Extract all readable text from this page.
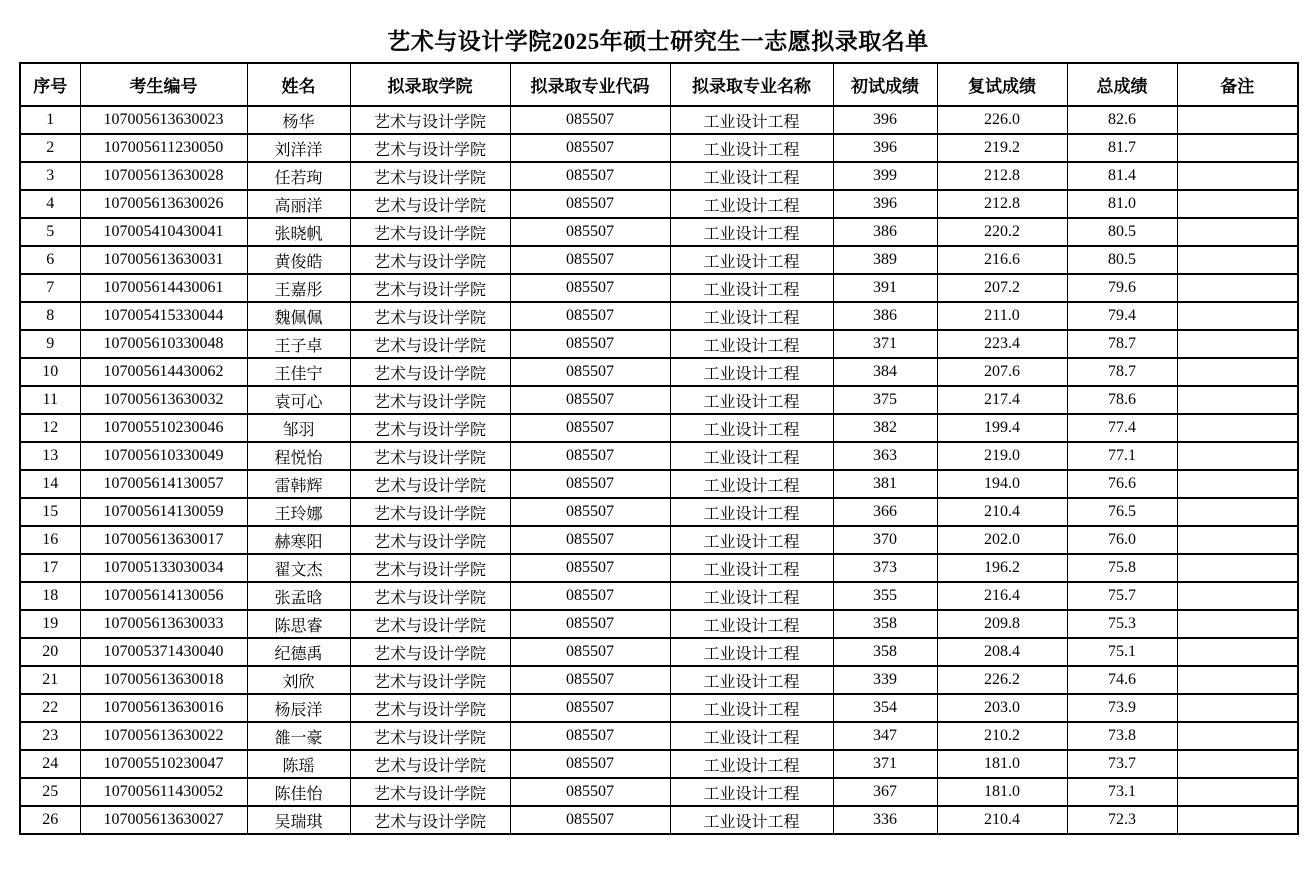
艺术与设计学院2025年硕士研究生一志愿拟录取名单
序号	考生编号	姓名	拟录取学院	拟录取专业代码	拟录取专业名称	初试成绩	复试成绩	总成绩	备注
1	107005613630023	杨华	艺术与设计学院	085507	工业设计工程	396	226.0	82.6	
2	107005611230050	刘洋洋	艺术与设计学院	085507	工业设计工程	396	219.2	81.7	
3	107005613630028	任若珣	艺术与设计学院	085507	工业设计工程	399	212.8	81.4	
4	107005613630026	高丽洋	艺术与设计学院	085507	工业设计工程	396	212.8	81.0	
5	107005410430041	张晓帆	艺术与设计学院	085507	工业设计工程	386	220.2	80.5	
6	107005613630031	黄俊皓	艺术与设计学院	085507	工业设计工程	389	216.6	80.5	
7	107005614430061	王嘉彤	艺术与设计学院	085507	工业设计工程	391	207.2	79.6	
8	107005415330044	魏佩佩	艺术与设计学院	085507	工业设计工程	386	211.0	79.4	
9	107005610330048	王子卓	艺术与设计学院	085507	工业设计工程	371	223.4	78.7	
10	107005614430062	王佳宁	艺术与设计学院	085507	工业设计工程	384	207.6	78.7	
11	107005613630032	袁可心	艺术与设计学院	085507	工业设计工程	375	217.4	78.6	
12	107005510230046	邹羽	艺术与设计学院	085507	工业设计工程	382	199.4	77.4	
13	107005610330049	程悦怡	艺术与设计学院	085507	工业设计工程	363	219.0	77.1	
14	107005614130057	雷韩辉	艺术与设计学院	085507	工业设计工程	381	194.0	76.6	
15	107005614130059	王玲娜	艺术与设计学院	085507	工业设计工程	366	210.4	76.5	
16	107005613630017	赫寒阳	艺术与设计学院	085507	工业设计工程	370	202.0	76.0	
17	107005133030034	翟文杰	艺术与设计学院	085507	工业设计工程	373	196.2	75.8	
18	107005614130056	张孟晗	艺术与设计学院	085507	工业设计工程	355	216.4	75.7	
19	107005613630033	陈思睿	艺术与设计学院	085507	工业设计工程	358	209.8	75.3	
20	107005371430040	纪德禹	艺术与设计学院	085507	工业设计工程	358	208.4	75.1	
21	107005613630018	刘欣	艺术与设计学院	085507	工业设计工程	339	226.2	74.6	
22	107005613630016	杨辰洋	艺术与设计学院	085507	工业设计工程	354	203.0	73.9	
23	107005613630022	雒一豪	艺术与设计学院	085507	工业设计工程	347	210.2	73.8	
24	107005510230047	陈瑶	艺术与设计学院	085507	工业设计工程	371	181.0	73.7	
25	107005611430052	陈佳怡	艺术与设计学院	085507	工业设计工程	367	181.0	73.1	
26	107005613630027	吴瑞琪	艺术与设计学院	085507	工业设计工程	336	210.4	72.3	
